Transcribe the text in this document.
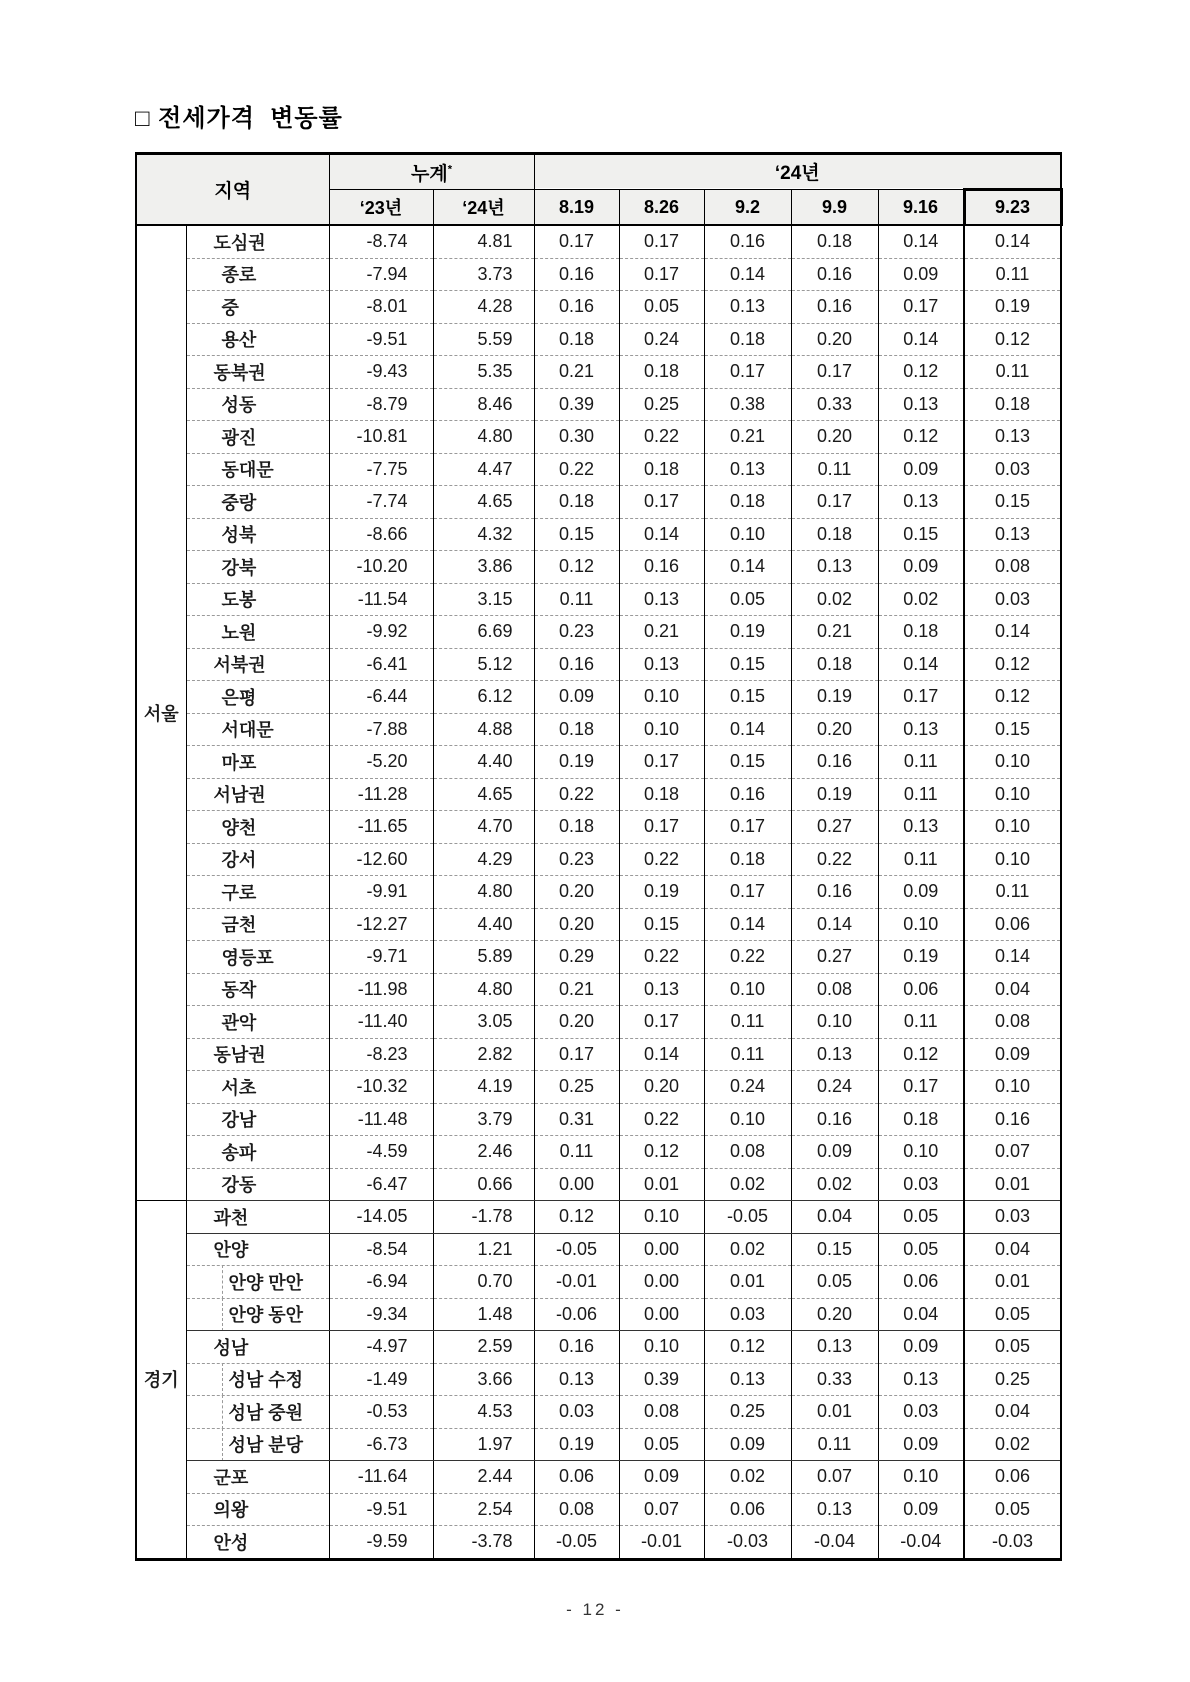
□ 전세가격  변동률
지역		누계*		‘24년					
		‘23년	‘24년	8.19	8.26	9.2	9.9	9.16	9.23
서울	도심권	-8.74	4.81	0.17	0.17	0.16	0.18	0.14	0.14
	종로	-7.94	3.73	0.16	0.17	0.14	0.16	0.09	0.11
	중	-8.01	4.28	0.16	0.05	0.13	0.16	0.17	0.19
	용산	-9.51	5.59	0.18	0.24	0.18	0.20	0.14	0.12
	동북권	-9.43	5.35	0.21	0.18	0.17	0.17	0.12	0.11
	성동	-8.79	8.46	0.39	0.25	0.38	0.33	0.13	0.18
	광진	-10.81	4.80	0.30	0.22	0.21	0.20	0.12	0.13
	동대문	-7.75	4.47	0.22	0.18	0.13	0.11	0.09	0.03
	중랑	-7.74	4.65	0.18	0.17	0.18	0.17	0.13	0.15
	성북	-8.66	4.32	0.15	0.14	0.10	0.18	0.15	0.13
	강북	-10.20	3.86	0.12	0.16	0.14	0.13	0.09	0.08
	도봉	-11.54	3.15	0.11	0.13	0.05	0.02	0.02	0.03
	노원	-9.92	6.69	0.23	0.21	0.19	0.21	0.18	0.14
	서북권	-6.41	5.12	0.16	0.13	0.15	0.18	0.14	0.12
	은평	-6.44	6.12	0.09	0.10	0.15	0.19	0.17	0.12
	서대문	-7.88	4.88	0.18	0.10	0.14	0.20	0.13	0.15
	마포	-5.20	4.40	0.19	0.17	0.15	0.16	0.11	0.10
	서남권	-11.28	4.65	0.22	0.18	0.16	0.19	0.11	0.10
	양천	-11.65	4.70	0.18	0.17	0.17	0.27	0.13	0.10
	강서	-12.60	4.29	0.23	0.22	0.18	0.22	0.11	0.10
	구로	-9.91	4.80	0.20	0.19	0.17	0.16	0.09	0.11
	금천	-12.27	4.40	0.20	0.15	0.14	0.14	0.10	0.06
	영등포	-9.71	5.89	0.29	0.22	0.22	0.27	0.19	0.14
	동작	-11.98	4.80	0.21	0.13	0.10	0.08	0.06	0.04
	관악	-11.40	3.05	0.20	0.17	0.11	0.10	0.11	0.08
	동남권	-8.23	2.82	0.17	0.14	0.11	0.13	0.12	0.09
	서초	-10.32	4.19	0.25	0.20	0.24	0.24	0.17	0.10
	강남	-11.48	3.79	0.31	0.22	0.10	0.16	0.18	0.16
	송파	-4.59	2.46	0.11	0.12	0.08	0.09	0.10	0.07
	강동	-6.47	0.66	0.00	0.01	0.02	0.02	0.03	0.01
경기	과천	-14.05	-1.78	0.12	0.10	-0.05	0.04	0.05	0.03
	안양	-8.54	1.21	-0.05	0.00	0.02	0.15	0.05	0.04

안양 만안	-6.94	0.70	-0.01	0.00	0.01	0.05	0.06	0.01

안양 동안	-9.34	1.48	-0.06	0.00	0.03	0.20	0.04	0.05
	성남	-4.97	2.59	0.16	0.10	0.12	0.13	0.09	0.05

성남 수정	-1.49	3.66	0.13	0.39	0.13	0.33	0.13	0.25

성남 중원	-0.53	4.53	0.03	0.08	0.25	0.01	0.03	0.04

성남 분당	-6.73	1.97	0.19	0.05	0.09	0.11	0.09	0.02
	군포	-11.64	2.44	0.06	0.09	0.02	0.07	0.10	0.06
	의왕	-9.51	2.54	0.08	0.07	0.06	0.13	0.09	0.05
	안성	-9.59	-3.78	-0.05	-0.01	-0.03	-0.04	-0.04	-0.03
- 12 -
